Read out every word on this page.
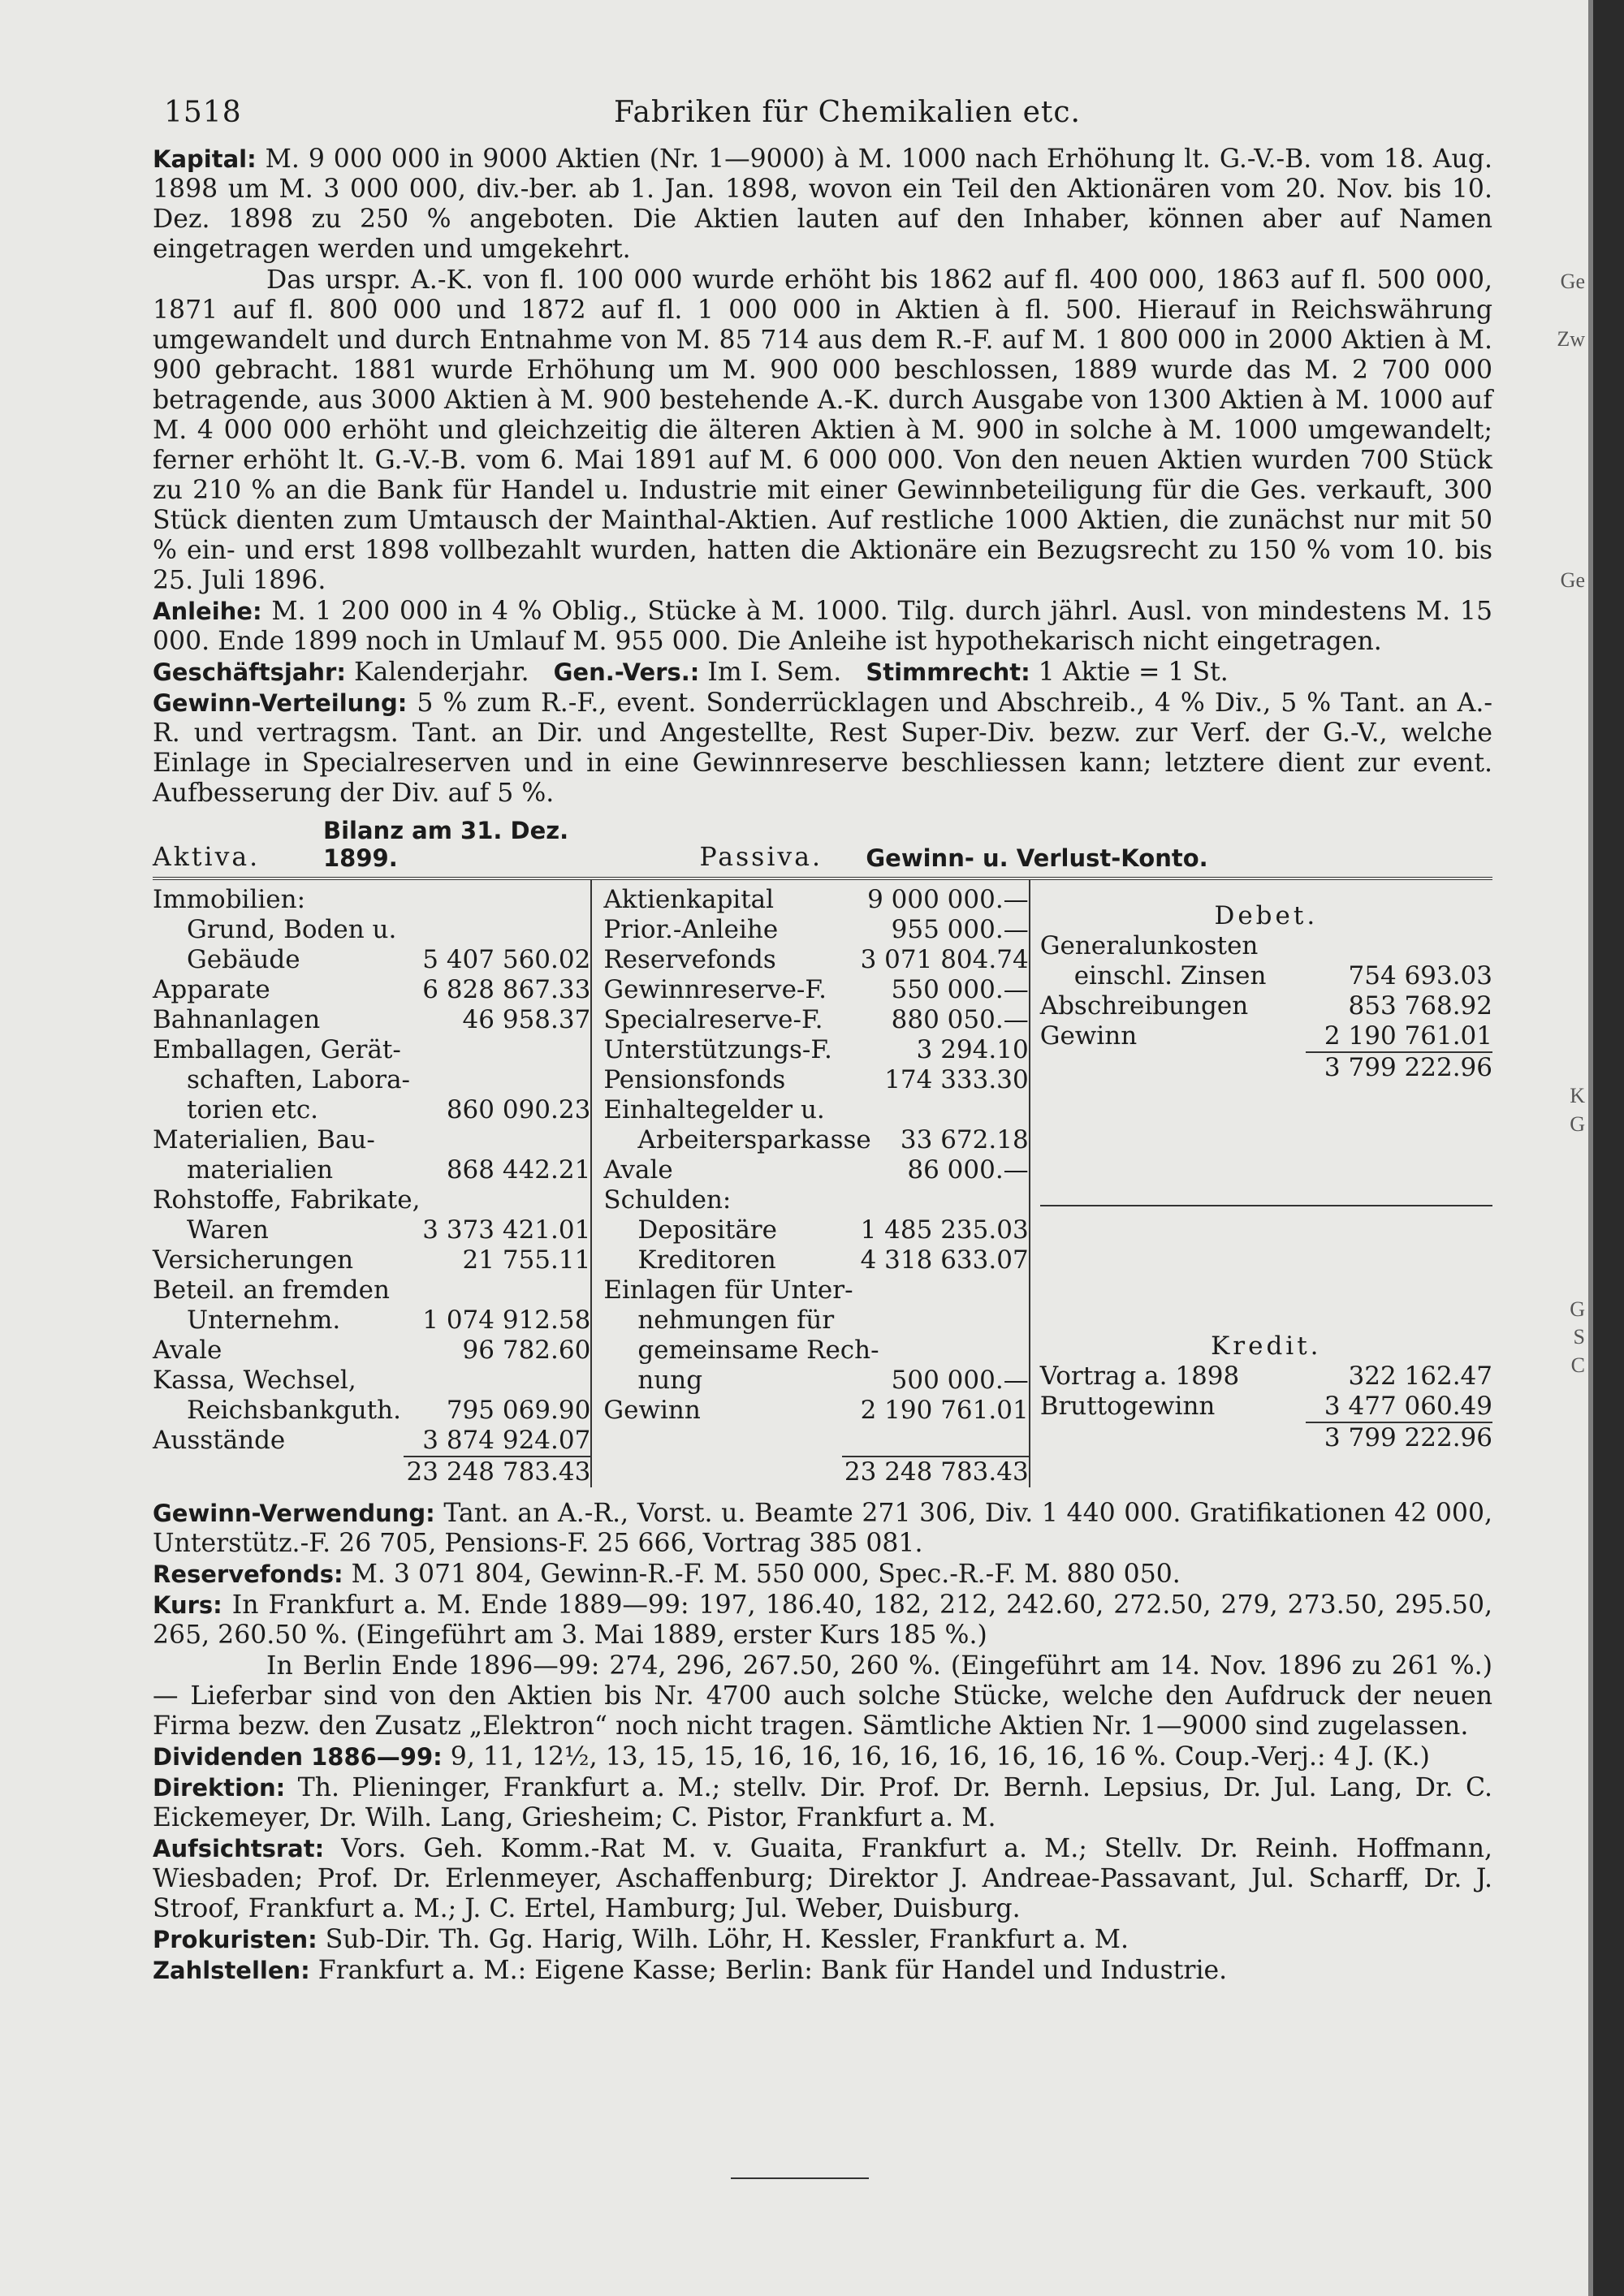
Ge
Zw
Ge
K
G
G
S
C
1518	Fabriken für Chemikalien etc.

Kapital: M. 9 000 000 in 9000 Aktien (Nr. 1—9000) à M. 1000 nach Erhöhung lt. G.-V.-B. vom 18. Aug. 1898 um M. 3 000 000, div.-ber. ab 1. Jan. 1898, wovon ein Teil den Aktionären vom 20. Nov. bis 10. Dez. 1898 zu 250 % angeboten. Die Aktien lauten auf den Inhaber, können aber auf Namen eingetragen werden und umgekehrt.

Das urspr. A.-K. von fl. 100 000 wurde erhöht bis 1862 auf fl. 400 000, 1863 auf fl. 500 000, 1871 auf fl. 800 000 und 1872 auf fl. 1 000 000 in Aktien à fl. 500. Hierauf in Reichswährung umgewandelt und durch Entnahme von M. 85 714 aus dem R.-F. auf M. 1 800 000 in 2000 Aktien à M. 900 gebracht. 1881 wurde Erhöhung um M. 900 000 beschlossen, 1889 wurde das M. 2 700 000 betragende, aus 3000 Aktien à M. 900 bestehende A.-K. durch Ausgabe von 1300 Aktien à M. 1000 auf M. 4 000 000 erhöht und gleichzeitig die älteren Aktien à M. 900 in solche à M. 1000 umgewandelt; ferner erhöht lt. G.-V.-B. vom 6. Mai 1891 auf M. 6 000 000. Von den neuen Aktien wurden 700 Stück zu 210 % an die Bank für Handel u. Industrie mit einer Gewinnbeteiligung für die Ges. verkauft, 300 Stück dienten zum Umtausch der Mainthal-Aktien. Auf restliche 1000 Aktien, die zunächst nur mit 50 % ein- und erst 1898 vollbezahlt wurden, hatten die Aktionäre ein Bezugsrecht zu 150 % vom 10. bis 25. Juli 1896.

Anleihe: M. 1 200 000 in 4 % Oblig., Stücke à M. 1000. Tilg. durch jährl. Ausl. von mindestens M. 15 000. Ende 1899 noch in Umlauf M. 955 000. Die Anleihe ist hypothekarisch nicht eingetragen.

Geschäftsjahr: Kalenderjahr. Gen.-Vers.: Im I. Sem. Stimmrecht: 1 Aktie = 1 St.

Gewinn-Verteilung: 5 % zum R.-F., event. Sonderrücklagen und Abschreib., 4 % Div., 5 % Tant. an A.-R. und vertragsm. Tant. an Dir. und Angestellte, Rest Super-Div. bezw. zur Verf. der G.-V., welche Einlage in Specialreserven und in eine Gewinnreserve beschliessen kann; letztere dient zur event. Aufbesserung der Div. auf 5 %.

Aktiva.
Bilanz am 31. Dez. 1899.	Passiva.	Gewinn- u. Verlust-Konto.
Immobilien:
Grund, Boden u.
Gebäude	5 407 560.02
Apparate	6 828 867.33
Bahnanlagen	46 958.37
Emballagen, Gerät-
schaften, Labora-
torien etc.	860 090.23
Materialien, Bau-
materialien	868 442.21
Rohstoffe, Fabrikate,
Waren	3 373 421.01
Versicherungen	21 755.11
Beteil. an fremden
Unternehm.	1 074 912.58
Avale	96 782.60
Kassa, Wechsel,
Reichsbankguth. 795 069.90
Ausstände	3 874 924.07
23 248 783.43
Aktienkapital	9 000 000.—
Prior.-Anleihe	955 000.—
Reservefonds	3 071 804.74
Gewinnreserve-F.	550 000.—
Specialreserve-F.	880 050.—
Unterstützungs-F.	3 294.10
Pensionsfonds	174 333.30
Einhaltegelder u.
Arbeitersparkasse 33 672.18
Avale	86 000.—
Schulden:
Depositäre	1 485 235.03
Kreditoren	4 318 633.07
Einlagen für Unter-
nehmungen für
gemeinsame Rech-
nung	500 000.—
Gewinn	2 190 761.01
23 248 783.43
Debet.
Generalunkosten
einschl. Zinsen	754 693.03
Abschreibungen	853 768.92
Gewinn	2 190 761.01
3 799 222.96
Kredit.
Vortrag a. 1898	322 162.47
Bruttogewinn	3 477 060.49
3 799 222.96

Gewinn-Verwendung: Tant. an A.-R., Vorst. u. Beamte 271 306, Div. 1 440 000. Gratifikationen 42 000, Unterstütz.-F. 26 705, Pensions-F. 25 666, Vortrag 385 081.

Reservefonds: M. 3 071 804, Gewinn-R.-F. M. 550 000, Spec.-R.-F. M. 880 050.

Kurs: In Frankfurt a. M. Ende 1889—99: 197, 186.40, 182, 212, 242.60, 272.50, 279, 273.50, 295.50, 265, 260.50 %. (Eingeführt am 3. Mai 1889, erster Kurs 185 %.)

In Berlin Ende 1896—99: 274, 296, 267.50, 260 %. (Eingeführt am 14. Nov. 1896 zu 261 %.) — Lieferbar sind von den Aktien bis Nr. 4700 auch solche Stücke, welche den Aufdruck der neuen Firma bezw. den Zusatz „Elektron“ noch nicht tragen. Sämtliche Aktien Nr. 1—9000 sind zugelassen.

Dividenden 1886—99: 9, 11, 12½, 13, 15, 15, 16, 16, 16, 16, 16, 16, 16, 16 %. Coup.-Verj.: 4 J. (K.)

Direktion: Th. Plieninger, Frankfurt a. M.; stellv. Dir. Prof. Dr. Bernh. Lepsius, Dr. Jul. Lang, Dr. C. Eickemeyer, Dr. Wilh. Lang, Griesheim; C. Pistor, Frankfurt a. M.

Aufsichtsrat: Vors. Geh. Komm.-Rat M. v. Guaita, Frankfurt a. M.; Stellv. Dr. Reinh. Hoffmann, Wiesbaden; Prof. Dr. Erlenmeyer, Aschaffenburg; Direktor J. Andreae-Passavant, Jul. Scharff, Dr. J. Stroof, Frankfurt a. M.; J. C. Ertel, Hamburg; Jul. Weber, Duisburg.

Prokuristen: Sub-Dir. Th. Gg. Harig, Wilh. Löhr, H. Kessler, Frankfurt a. M.

Zahlstellen: Frankfurt a. M.: Eigene Kasse; Berlin: Bank für Handel und Industrie.
